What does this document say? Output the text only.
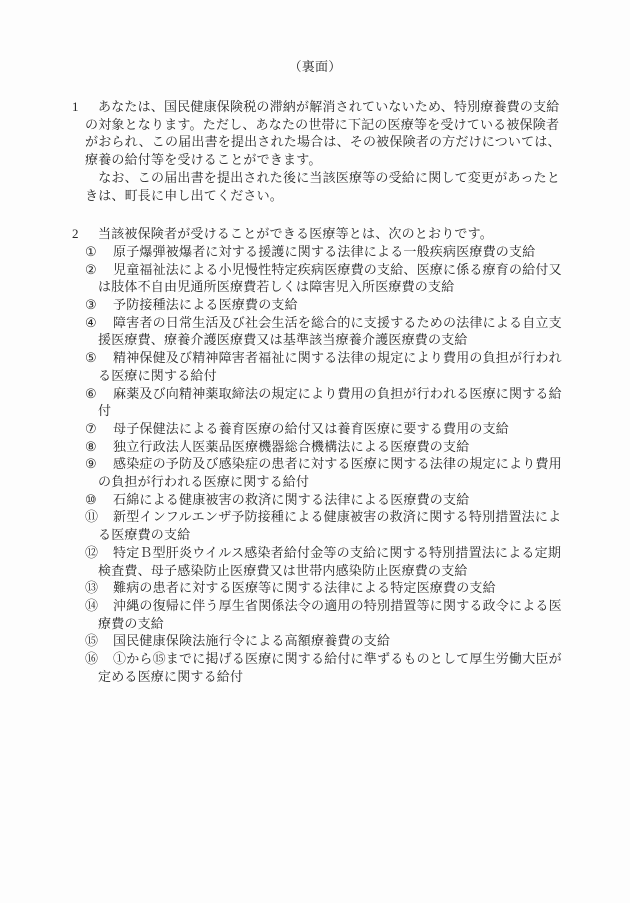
（裏面）
1 あなたは、国民健康保険税の滞納が解消されていないため、特別療養費の支給
の対象となります。ただし、あなたの世帯に下記の医療等を受けている被保険者
がおられ、この届出書を提出された場合は、その被保険者の方だけについては、
療養の給付等を受けることができます。
　なお、この届出書を提出された後に当該医療等の受給に関して変更があったと
きは、町長に申し出てください。
2 当該被保険者が受けることができる医療等とは、次のとおりです。
① 原子爆弾被爆者に対する援護に関する法律による一般疾病医療費の支給
② 児童福祉法による小児慢性特定疾病医療費の支給、医療に係る療育の給付又
は肢体不自由児通所医療費若しくは障害児入所医療費の支給
③ 予防接種法による医療費の支給
④ 障害者の日常生活及び社会生活を総合的に支援するための法律による自立支
援医療費、療養介護医療費又は基準該当療養介護医療費の支給
⑤ 精神保健及び精神障害者福祉に関する法律の規定により費用の負担が行われ
る医療に関する給付
⑥ 麻薬及び向精神薬取締法の規定により費用の負担が行われる医療に関する給
付
⑦ 母子保健法による養育医療の給付又は養育医療に要する費用の支給
⑧ 独立行政法人医薬品医療機器総合機構法による医療費の支給
⑨ 感染症の予防及び感染症の患者に対する医療に関する法律の規定により費用
の負担が行われる医療に関する給付
⑩ 石綿による健康被害の救済に関する法律による医療費の支給
⑪ 新型インフルエンザ予防接種による健康被害の救済に関する特別措置法によ
る医療費の支給
⑫ 特定Ｂ型肝炎ウイルス感染者給付金等の支給に関する特別措置法による定期
検査費、母子感染防止医療費又は世帯内感染防止医療費の支給
⑬ 難病の患者に対する医療等に関する法律による特定医療費の支給
⑭ 沖縄の復帰に伴う厚生省関係法令の適用の特別措置等に関する政令による医
療費の支給
⑮ 国民健康保険法施行令による高額療養費の支給
⑯ ①から⑮までに掲げる医療に関する給付に準ずるものとして厚生労働大臣が
定める医療に関する給付
